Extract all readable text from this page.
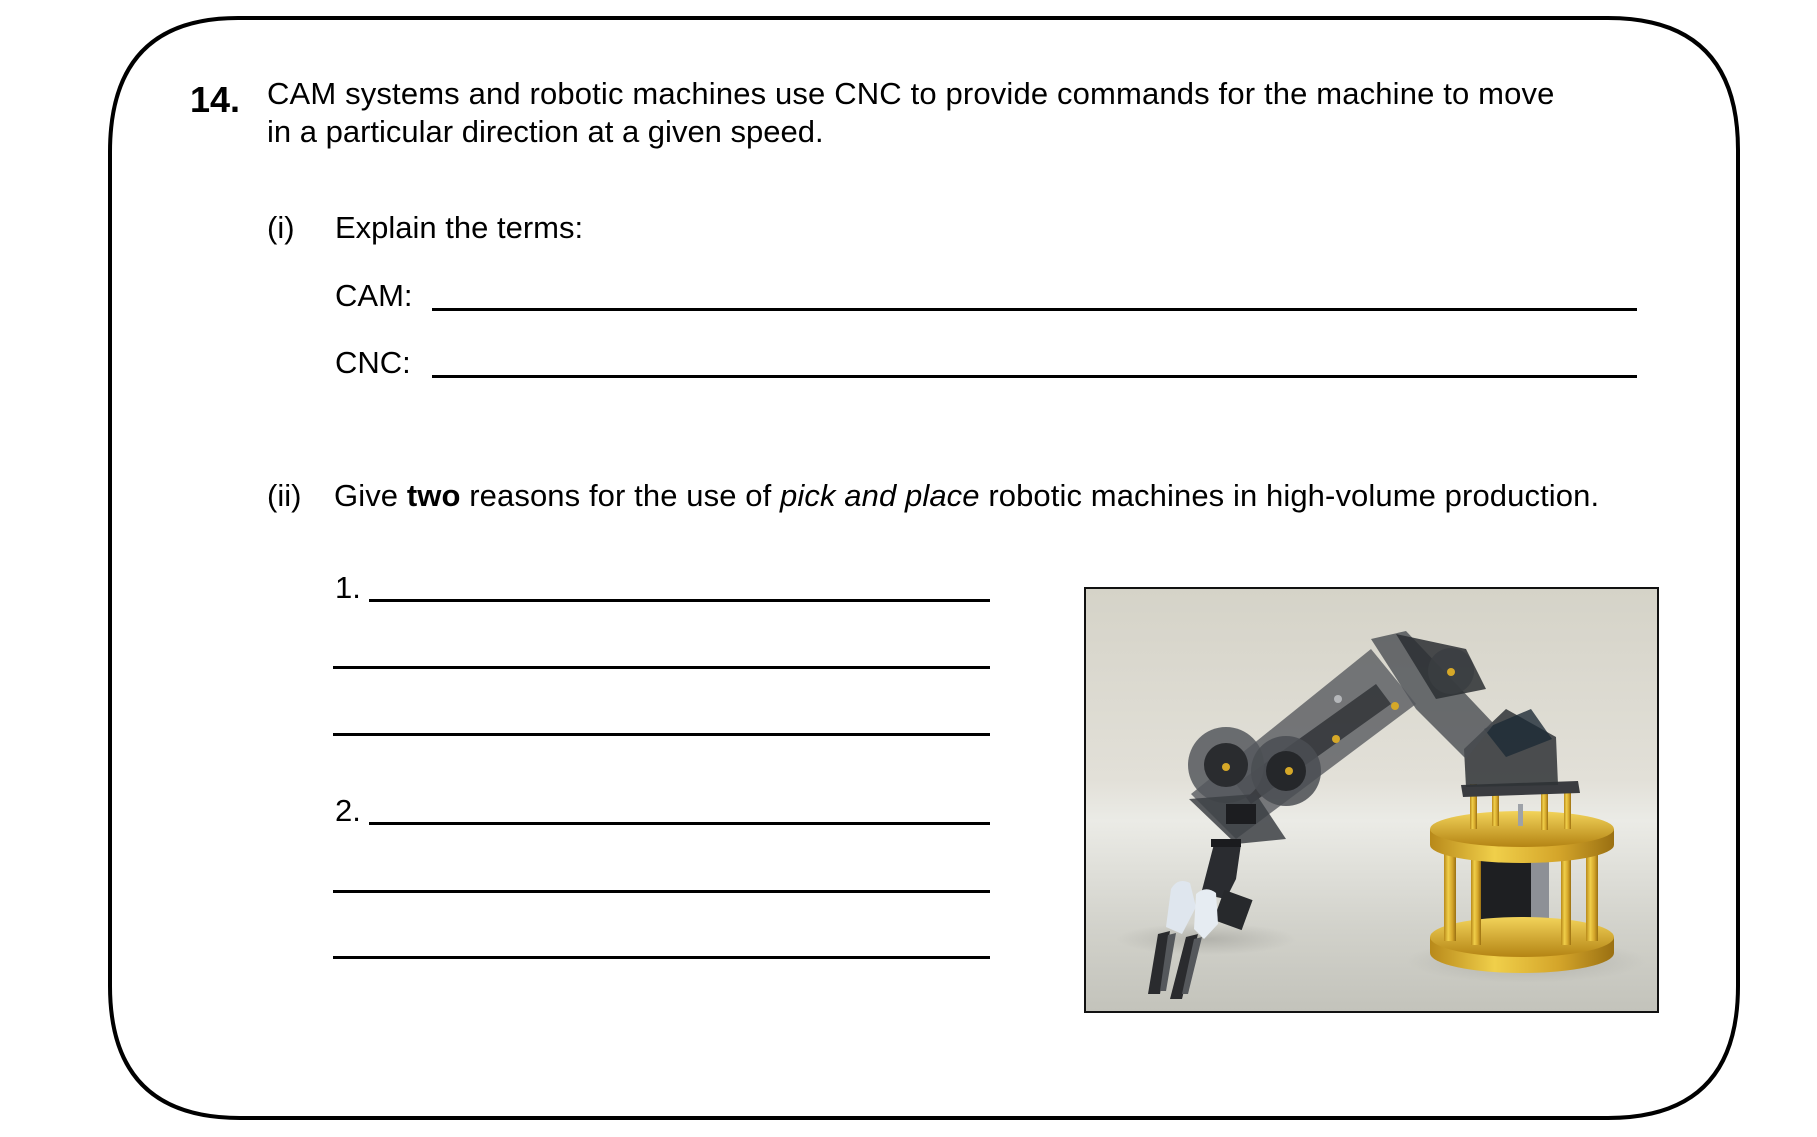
14. CAM systems and robotic machines use CNC to provide commands for the machine to move
in a particular direction at a given speed.
(i) Explain the terms:
CAM:
CNC:
(ii) Give two reasons for the use of pick and place robotic machines in high-volume production.
1.
2.
